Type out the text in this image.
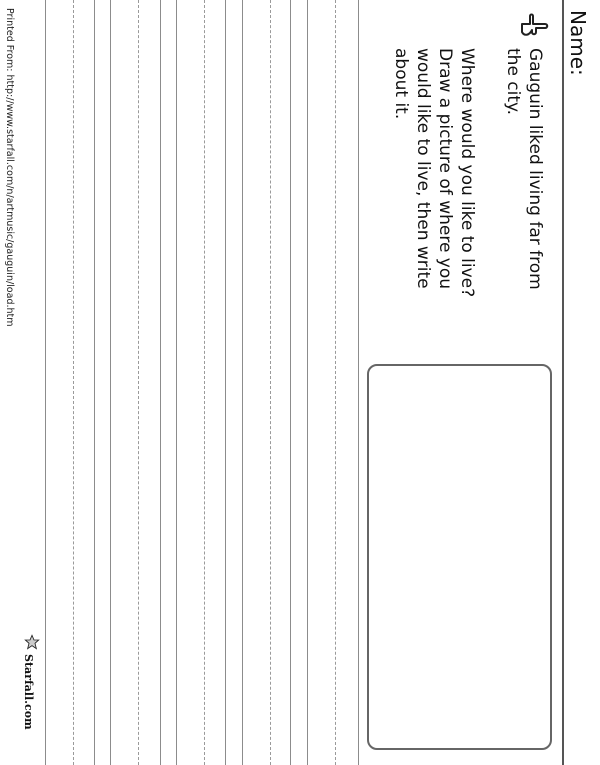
Name:
Gauguin liked living far from
the city.
Where would you like to live?
Draw a picture of where you
would like to live, then write
about it.
Printed From: http://www.starfall.com/n/artmusic/gauguin/load.htm
Starfall.com
